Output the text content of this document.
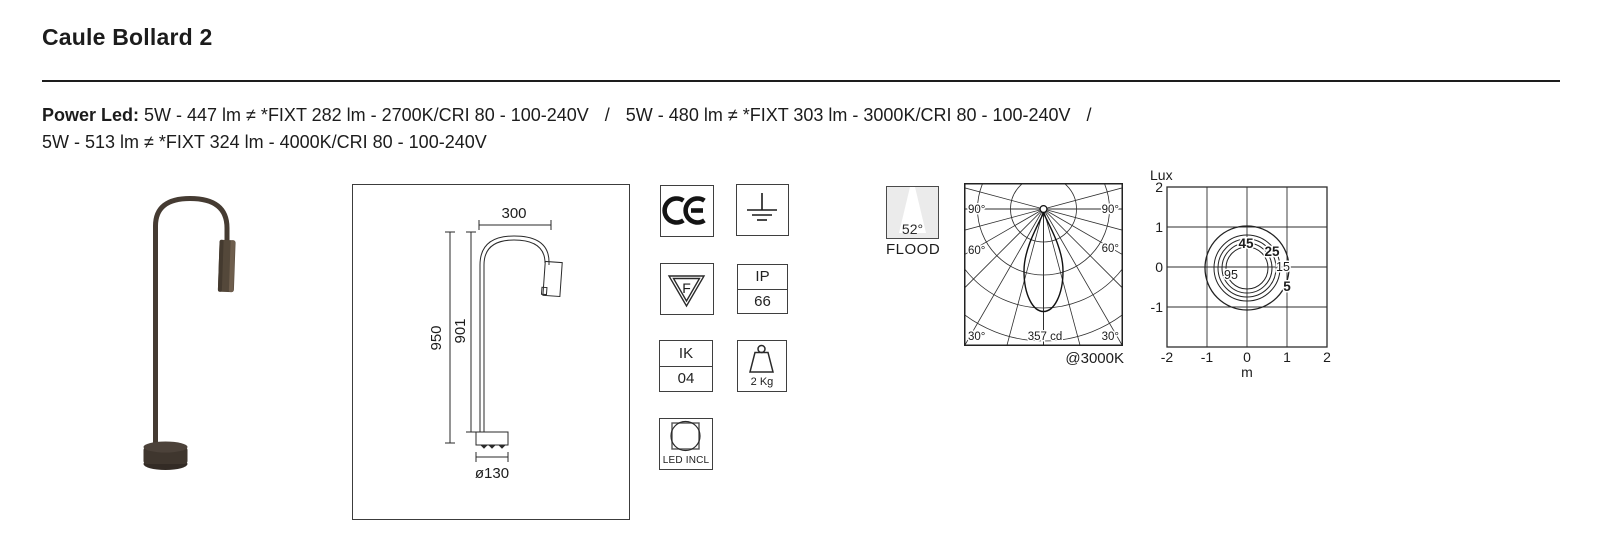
Caule Bollard 2
Power Led: 5W - 447 lm ≠ *FIXT 282 lm - 2700K/CRI 80 - 100-240V / 5W - 480 lm ≠ *FIXT 303 lm - 3000K/CRI 80 - 100-240V /
5W - 513 lm ≠ *FIXT 324 lm - 4000K/CRI 80 - 100-240V
300
950 901
ø130
F
IP
66
IK
04	2 Kg
LED INCL
52°
FLOOD
90°	90°
60°	60°
30°	30°
357 cd
@3000K
45
25
15
5
95
Lux
2
1
0
-1
-2 -1 0 1 2
m
